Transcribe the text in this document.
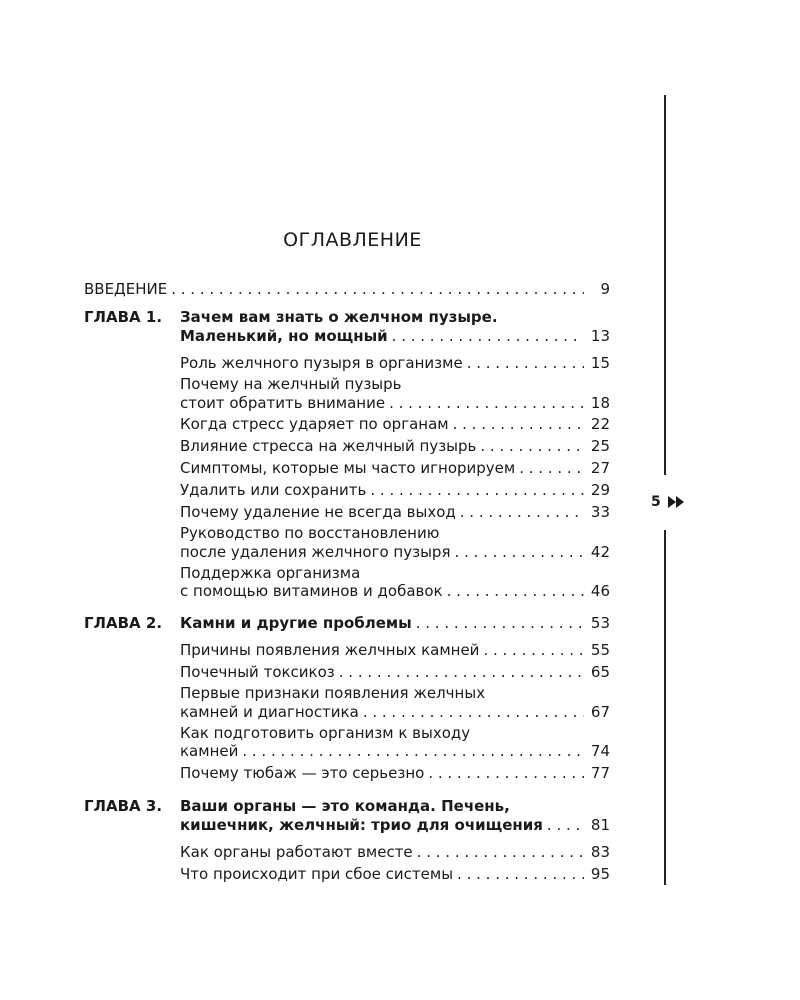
ОГЛАВЛЕНИЕ
ВВЕДЕНИЕ . . .	9
ГЛАВА 1. Зачем вам знать о желчном пузыре.
Маленький, но мощный . . .	13
Роль желчного пузыря в организме . . .	15
Почему на желчный пузырь
стоит обратить внимание . . .	18
Когда стресс ударяет по органам . . .	22
Влияние стресса на желчный пузырь . . .	25
Симптомы, которые мы часто игнорируем . . .	27
Удалить или сохранить . . .	29
Почему удаление не всегда выход . . .	33
Руководство по восстановлению
после удаления желчного пузыря . . .	42
Поддержка организма
с помощью витаминов и добавок . . .	46
ГЛАВА 2. Камни и другие проблемы . . .	53
Причины появления желчных камней . . .	55
Почечный токсикоз . . .	65
Первые признаки появления желчных
камней и диагностика . . .	67
Как подготовить организм к выходу
камней . . .	74
Почему тюбаж — это серьезно . . .	77
ГЛАВА 3. Ваши органы — это команда. Печень,
кишечник, желчный: трио для очищения . . .	81
Как органы работают вместе . . .	83
Что происходит при сбое системы . . .	95
5
